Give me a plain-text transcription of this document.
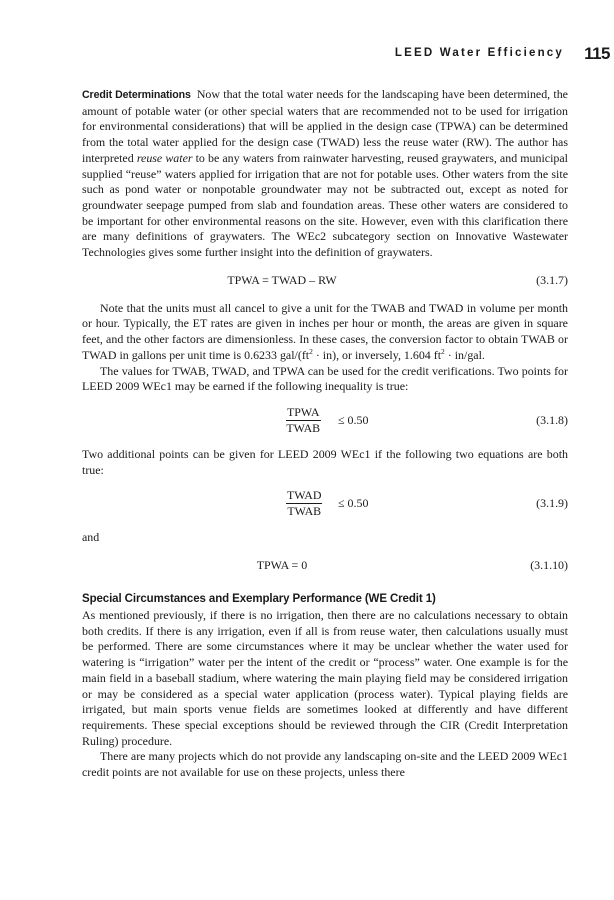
LEED Water Efficiency 115

Credit Determinations Now that the total water needs for the landscaping have been determined, the amount of potable water (or other special waters that are recommended not to be used for irrigation for environmental considerations) that will be applied in the design case (TPWA) can be determined from the total water applied for the design case (TWAD) less the reuse water (RW). The author has interpreted reuse water to be any waters from rainwater harvesting, reused graywaters, and municipal supplied “reuse” waters applied for irrigation that are not for potable uses. Other waters from the site such as pond water or nonpotable groundwater may not be subtracted out, except as noted for groundwater seepage pumped from slab and foundation areas. These other waters are considered to be important for other environmental reasons on the site. However, even with this clarification there are many definitions of graywaters. The WEc2 subcategory section on Innovative Wastewater Technologies gives some further insight into the definition of graywaters.

TPWA = TWAD – RW	(3.1.7)

Note that the units must all cancel to give a unit for the TWAB and TWAD in volume per month or hour. Typically, the ET rates are given in inches per hour or month, the areas are given in square feet, and the other factors are dimensionless. In these cases, the conversion factor to obtain TWAB or TWAD in gallons per unit time is 0.6233 gal/$(ft^2 \cdot in)$, or inversely, 1.604 $ft^2 \cdot in/gal$.

The values for TWAB, TWAD, and TPWA can be used for the credit verifications. Two points for LEED 2009 WEc1 may be earned if the following inequality is true:

TPWA
TWAB
≤ 0.50	(3.1.8)

Two additional points can be given for LEED 2009 WEc1 if the following two equations are both true:

TWAD
TWAB
≤ 0.50	(3.1.9)

and

TPWA = 0	(3.1.10)
Special Circumstances and Exemplary Performance (WE Credit 1)

As mentioned previously, if there is no irrigation, then there are no calculations necessary to obtain both credits. If there is any irrigation, even if all is from reuse water, then calculations usually must be performed. There are some circumstances where it may be unclear whether the water used for watering is “irrigation” water per the intent of the credit or “process” water. One example is for the main field in a baseball stadium, where watering the main playing field may be considered irrigation or may be considered as a special water application (process water). Typical playing fields are irrigated, but main sports venue fields are sometimes looked at differently and have different requirements. These special exceptions should be reviewed through the CIR (Credit Interpretation Ruling) procedure.

There are many projects which do not provide any landscaping on-site and the LEED 2009 WEc1 credit points are not available for use on these projects, unless there
